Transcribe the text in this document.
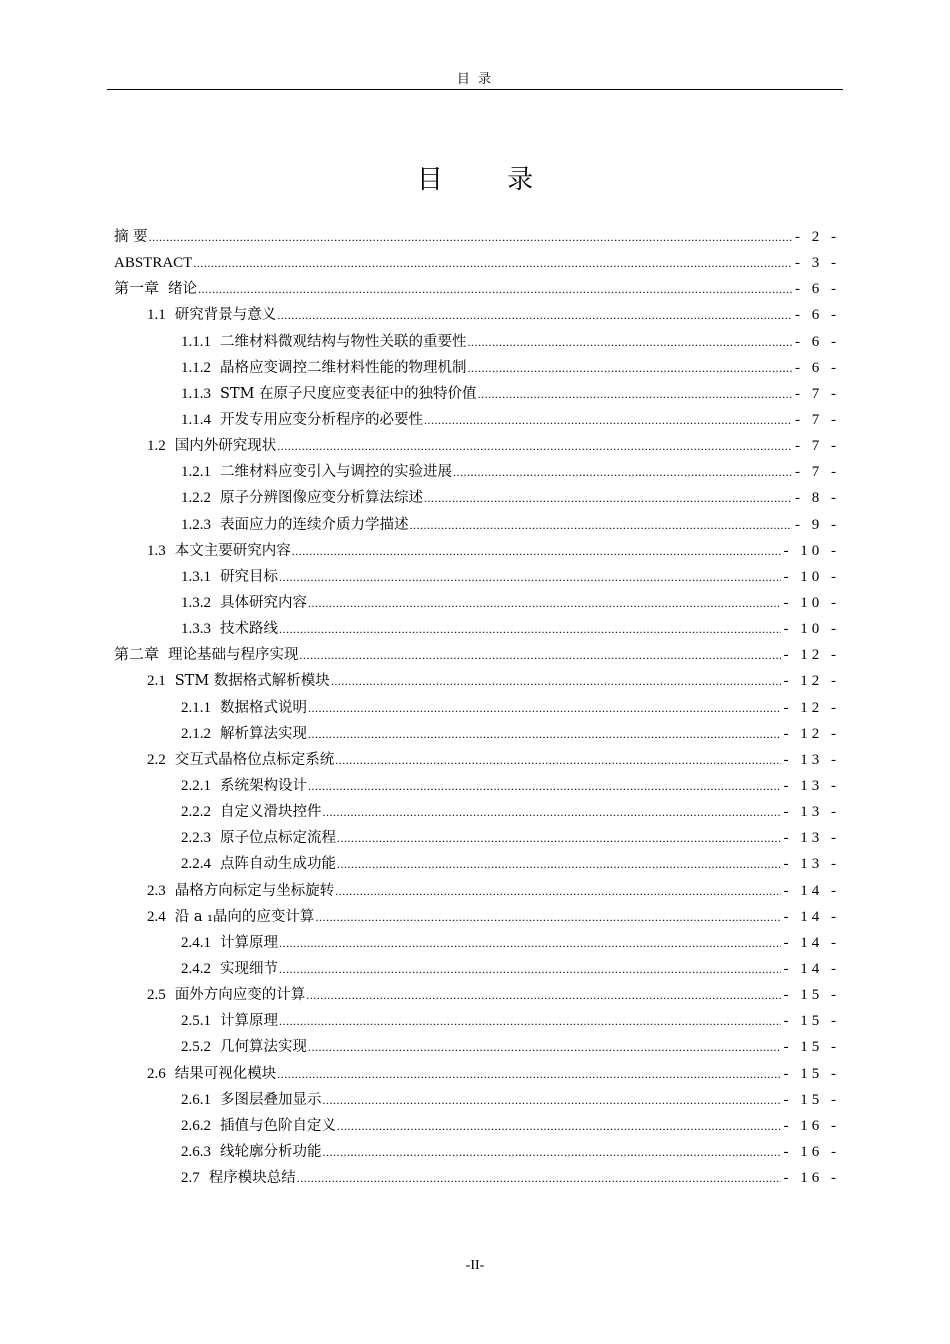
目 录
目 录
摘 要 .....	- 2 -
ABSTRACT .....	- 3 -
第一章 绪论 .....	- 6 -
1.1 研究背景与意义 .....	- 6 -
1.1.1 二维材料微观结构与物性关联的重要性 .....	- 6 -
1.1.2 晶格应变调控二维材料性能的物理机制 .....	- 6 -
1.1.3 STM 在原子尺度应变表征中的独特价值 .....	- 7 -
1.1.4 开发专用应变分析程序的必要性 .....	- 7 -
1.2 国内外研究现状 .....	- 7 -
1.2.1 二维材料应变引入与调控的实验进展 .....	- 7 -
1.2.2 原子分辨图像应变分析算法综述 .....	- 8 -
1.2.3 表面应力的连续介质力学描述 .....	- 9 -
1.3 本文主要研究内容 .....	- 10 -
1.3.1 研究目标 .....	- 10 -
1.3.2 具体研究内容 .....	- 10 -
1.3.3 技术路线 .....	- 10 -
第二章 理论基础与程序实现 .....	- 12 -
2.1 STM 数据格式解析模块 .....	- 12 -
2.1.1 数据格式说明 .....	- 12 -
2.1.2 解析算法实现 .....	- 12 -
2.2 交互式晶格位点标定系统 .....	- 13 -
2.2.1 系统架构设计 .....	- 13 -
2.2.2 自定义滑块控件 .....	- 13 -
2.2.3 原子位点标定流程 .....	- 13 -
2.2.4 点阵自动生成功能 .....	- 13 -
2.3 晶格方向标定与坐标旋转 .....	- 14 -
2.4 沿 a ₁晶向的应变计算 .....	- 14 -
2.4.1 计算原理 .....	- 14 -
2.4.2 实现细节 .....	- 14 -
2.5 面外方向应变的计算 .....	- 15 -
2.5.1 计算原理 .....	- 15 -
2.5.2 几何算法实现 .....	- 15 -
2.6 结果可视化模块 .....	- 15 -
2.6.1 多图层叠加显示 .....	- 15 -
2.6.2 插值与色阶自定义 .....	- 16 -
2.6.3 线轮廓分析功能 .....	- 16 -
2.7 程序模块总结 .....	- 16 -
-II-
